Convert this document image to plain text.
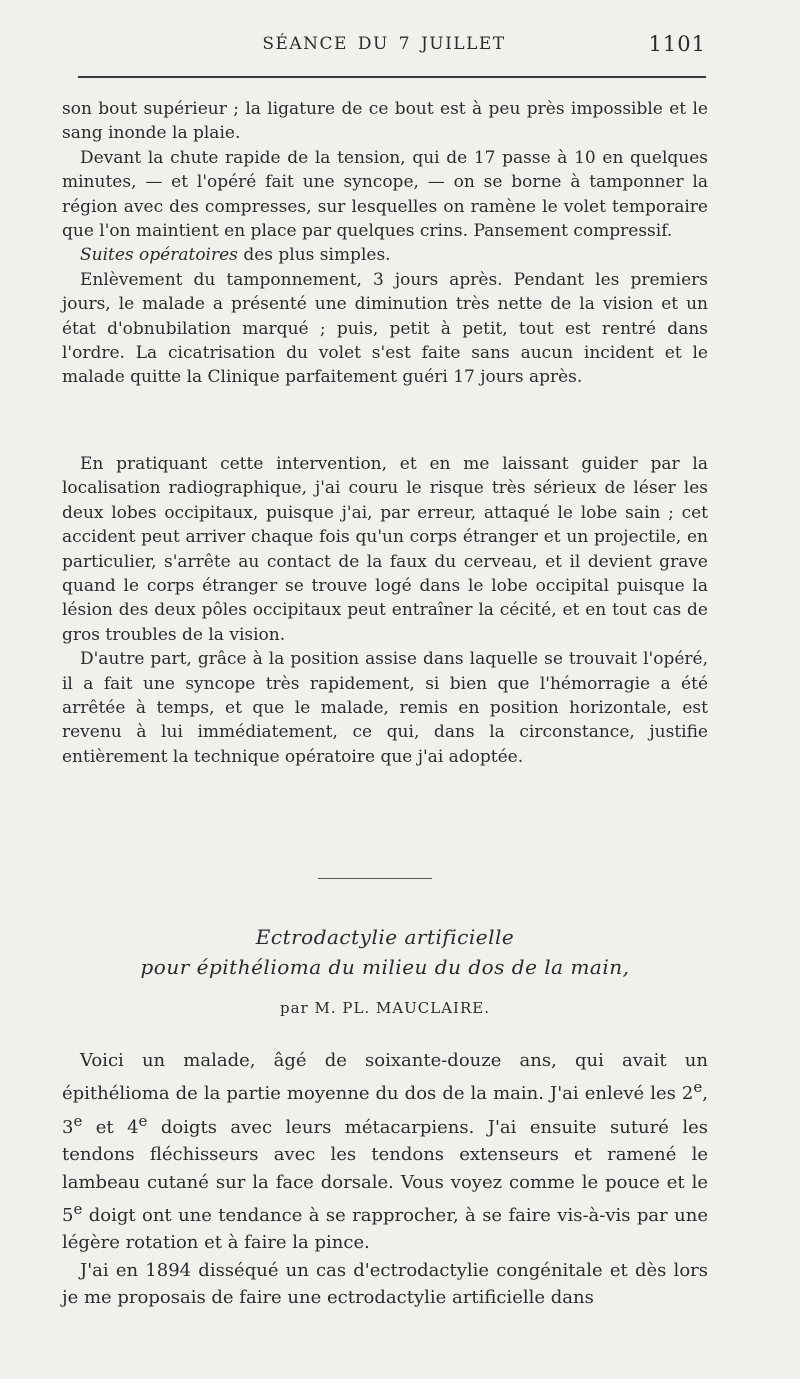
SÉANCE DU 7 JUILLET	1101

son bout supérieur ; la ligature de ce bout est à peu près impossible et le sang inonde la plaie.

Devant la chute rapide de la tension, qui de 17 passe à 10 en quelques minutes, — et l'opéré fait une syncope, — on se borne à tamponner la région avec des compresses, sur lesquelles on ramène le volet temporaire que l'on maintient en place par quelques crins. Pansement compressif.

Suites opératoires des plus simples.

Enlèvement du tamponnement, 3 jours après. Pendant les premiers jours, le malade a présenté une diminution très nette de la vision et un état d'obnubilation marqué ; puis, petit à petit, tout est rentré dans l'ordre. La cicatrisation du volet s'est faite sans aucun incident et le malade quitte la Clinique parfaitement guéri 17 jours après.

En pratiquant cette intervention, et en me laissant guider par la localisation radiographique, j'ai couru le risque très sérieux de léser les deux lobes occipitaux, puisque j'ai, par erreur, attaqué le lobe sain ; cet accident peut arriver chaque fois qu'un corps étranger et un projectile, en particulier, s'arrête au contact de la faux du cerveau, et il devient grave quand le corps étranger se trouve logé dans le lobe occipital puisque la lésion des deux pôles occipitaux peut entraîner la cécité, et en tout cas de gros troubles de la vision.

D'autre part, grâce à la position assise dans laquelle se trouvait l'opéré, il a fait une syncope très rapidement, si bien que l'hémorragie a été arrêtée à temps, et que le malade, remis en position horizontale, est revenu à lui immédiatement, ce qui, dans la circonstance, justifie entièrement la technique opératoire que j'ai adoptée.

Ectrodactylie artificielle
pour épithélioma du milieu du dos de la main,
par M. PL. MAUCLAIRE.

Voici un malade, âgé de soixante-douze ans, qui avait un épithélioma de la partie moyenne du dos de la main. J'ai enlevé les 2e, 3e et 4e doigts avec leurs métacarpiens. J'ai ensuite suturé les tendons fléchisseurs avec les tendons extenseurs et ramené le lambeau cutané sur la face dorsale. Vous voyez comme le pouce et le 5e doigt ont une tendance à se rapprocher, à se faire vis-à-vis par une légère rotation et à faire la pince.

J'ai en 1894 disséqué un cas d'ectrodactylie congénitale et dès lors je me proposais de faire une ectrodactylie artificielle dans
